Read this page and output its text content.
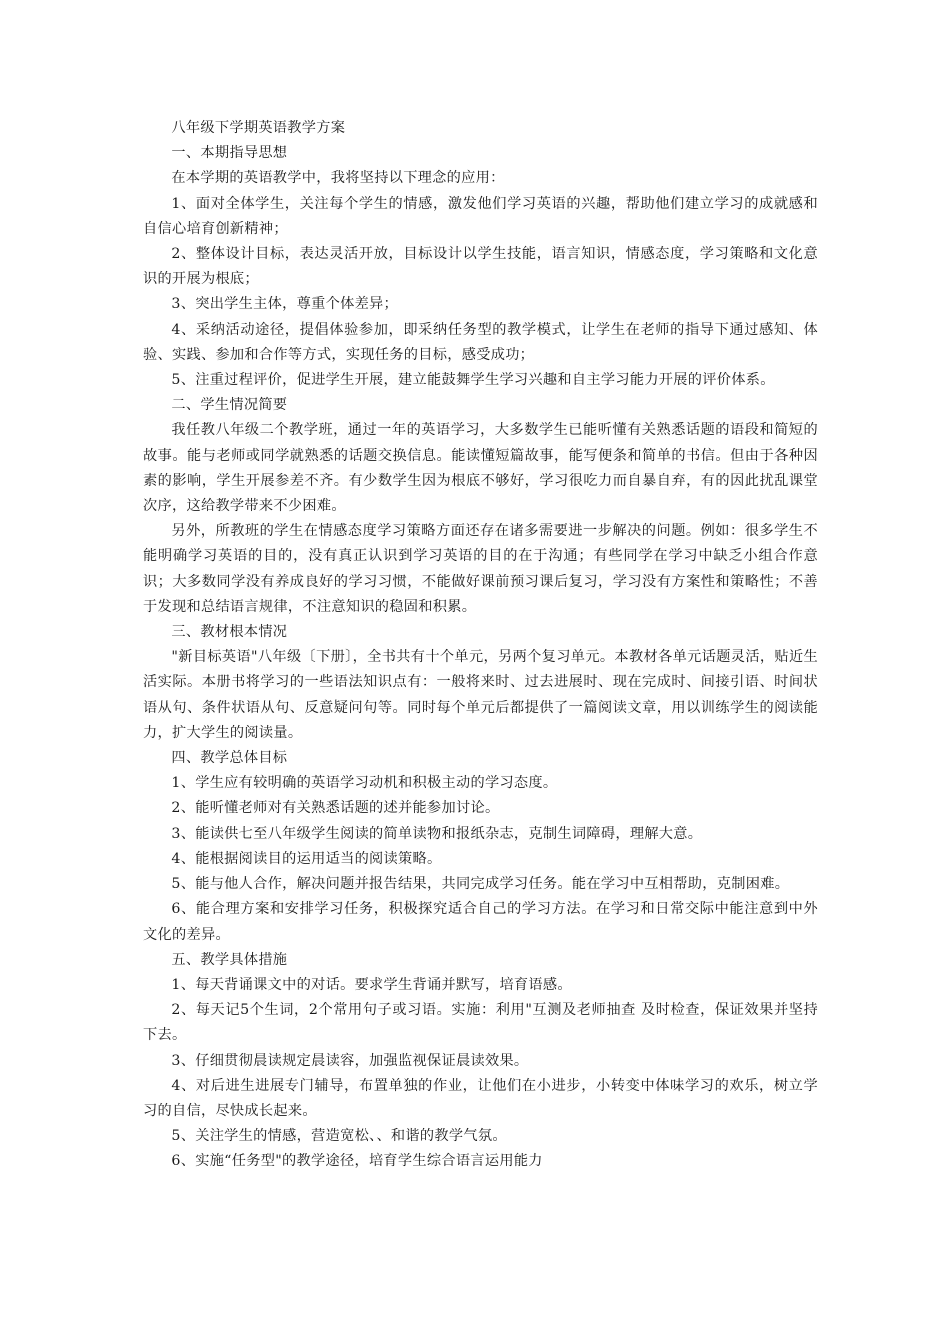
八年级下学期英语教学方案

一、本期指导思想

在本学期的英语教学中，我将坚持以下理念的应用：

1、面对全体学生，关注每个学生的情感，激发他们学习英语的兴趣，帮助他们建立学习的成就感和自信心培育创新精神；

2、整体设计目标，表达灵活开放，目标设计以学生技能，语言知识，情感态度，学习策略和文化意识的开展为根底；

3、突出学生主体，尊重个体差异；

4、采纳活动途径，提倡体验参加，即采纳任务型的教学模式，让学生在老师的指导下通过感知、体验、实践、参加和合作等方式，实现任务的目标，感受成功；

5、注重过程评价，促进学生开展，建立能鼓舞学生学习兴趣和自主学习能力开展的评价体系。

二、学生情况简要

我任教八年级二个教学班，通过一年的英语学习，大多数学生已能听懂有关熟悉话题的语段和简短的故事。能与老师或同学就熟悉的话题交换信息。能读懂短篇故事，能写便条和简单的书信。但由于各种因素的影响，学生开展参差不齐。有少数学生因为根底不够好，学习很吃力而自暴自弃，有的因此扰乱课堂次序，这给教学带来不少困难。

另外，所教班的学生在情感态度学习策略方面还存在诸多需要进一步解决的问题。例如：很多学生不能明确学习英语的目的，没有真正认识到学习英语的目的在于沟通；有些同学在学习中缺乏小组合作意识；大多数同学没有养成良好的学习习惯，不能做好课前预习课后复习，学习没有方案性和策略性；不善于发现和总结语言规律，不注意知识的稳固和积累。

三、教材根本情况

"新目标英语"八年级〔下册〕，全书共有十个单元，另两个复习单元。本教材各单元话题灵活，贴近生活实际。本册书将学习的一些语法知识点有：一般将来时、过去进展时、现在完成时、间接引语、时间状语从句、条件状语从句、反意疑问句等。同时每个单元后都提供了一篇阅读文章，用以训练学生的阅读能力，扩大学生的阅读量。

四、教学总体目标

1、学生应有较明确的英语学习动机和积极主动的学习态度。

2、能听懂老师对有关熟悉话题的述并能参加讨论。

3、能读供七至八年级学生阅读的简单读物和报纸杂志，克制生词障碍，理解大意。

4、能根据阅读目的运用适当的阅读策略。

5、能与他人合作，解决问题并报告结果，共同完成学习任务。能在学习中互相帮助，克制困难。

6、能合理方案和安排学习任务，积极探究适合自己的学习方法。在学习和日常交际中能注意到中外文化的差异。

五、教学具体措施

1、每天背诵课文中的对话。要求学生背诵并默写，培育语感。

2、每天记5个生词，2个常用句子或习语。实施：利用"互测及老师抽查 及时检查，保证效果并坚持下去。

3、仔细贯彻晨读规定晨读容，加强监视保证晨读效果。

4、对后进生进展专门辅导，布置单独的作业，让他们在小进步，小转变中体味学习的欢乐，树立学习的自信，尽快成长起来。

5、关注学生的情感，营造宽松、、和谐的教学气氛。

6、实施“任务型"的教学途径，培育学生综合语言运用能力
